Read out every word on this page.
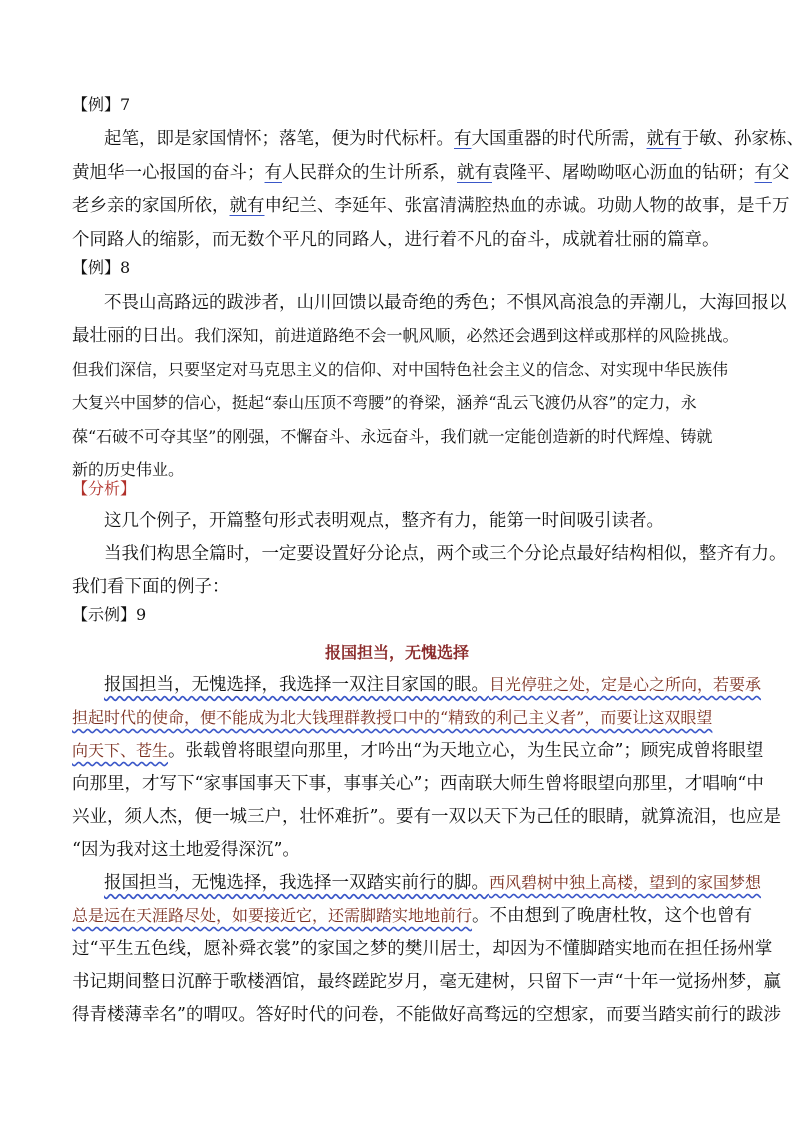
【例】7
起笔，即是家国情怀；落笔，便为时代标杆。有大国重器的时代所需，就有于敏、孙家栋、
黄旭华一心报国的奋斗；有人民群众的生计所系，就有袁隆平、屠呦呦呕心沥血的钻研；有父
老乡亲的家国所依，就有申纪兰、李延年、张富清满腔热血的赤诚。功勋人物的故事，是千万
个同路人的缩影，而无数个平凡的同路人，进行着不凡的奋斗，成就着壮丽的篇章。
【例】8
不畏山高路远的跋涉者，山川回馈以最奇绝的秀色；不惧风高浪急的弄潮儿，大海回报以
最壮丽的日出。我们深知，前进道路绝不会一帆风顺，必然还会遇到这样或那样的风险挑战。
但我们深信，只要坚定对马克思主义的信仰、对中国特色社会主义的信念、对实现中华民族伟
大复兴中国梦的信心，挺起“泰山压顶不弯腰”的脊梁，涵养“乱云飞渡仍从容”的定力，永
葆“石破不可夺其坚”的刚强，不懈奋斗、永远奋斗，我们就一定能创造新的时代辉煌、铸就
新的历史伟业。
【分析】
这几个例子，开篇整句形式表明观点，整齐有力，能第一时间吸引读者。
当我们构思全篇时，一定要设置好分论点，两个或三个分论点最好结构相似，整齐有力。
我们看下面的例子：
【示例】9
报国担当，无愧选择
报国担当，无愧选择，我选择一双注目家国的眼。目光停驻之处，定是心之所向，若要承
担起时代的使命，便不能成为北大钱理群教授口中的“精致的利己主义者”，而要让这双眼望
向天下、苍生。张载曾将眼望向那里，才吟出“为天地立心，为生民立命”；顾宪成曾将眼望
向那里，才写下“家事国事天下事，事事关心”；西南联大师生曾将眼望向那里，才唱响“中
兴业，须人杰，便一城三户，壮怀难折”。要有一双以天下为己任的眼睛，就算流泪，也应是
“因为我对这土地爱得深沉”。
报国担当，无愧选择，我选择一双踏实前行的脚。西风碧树中独上高楼，望到的家国梦想
总是远在天涯路尽处，如要接近它，还需脚踏实地地前行。不由想到了晚唐杜牧，这个也曾有
过“平生五色线，愿补舜衣裳”的家国之梦的樊川居士，却因为不懂脚踏实地而在担任扬州掌
书记期间整日沉醉于歌楼酒馆，最终蹉跎岁月，毫无建树，只留下一声“十年一觉扬州梦，赢
得青楼薄幸名”的喟叹。答好时代的问卷，不能做好高骛远的空想家，而要当踏实前行的跋涉
